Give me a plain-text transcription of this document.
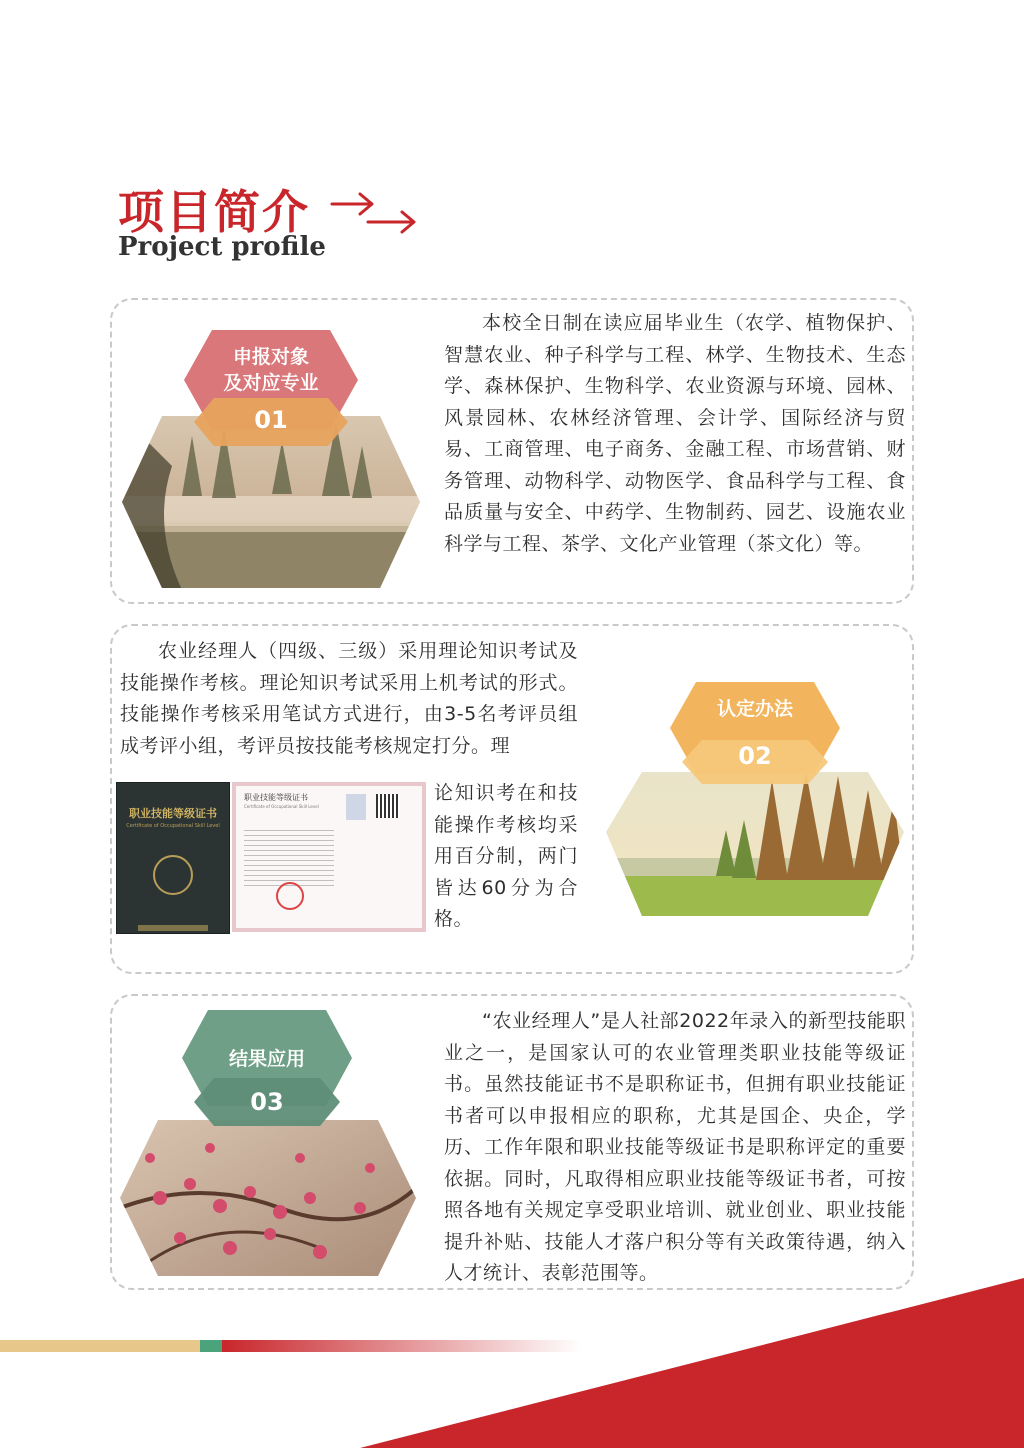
项目简介
Project profile
申报对象
及对应专业
01

本校全日制在读应届毕业生（农学、植物保护、智慧农业、种子科学与工程、林学、生物技术、生态学、森林保护、生物科学、农业资源与环境、园林、风景园林、农林经济管理、会计学、国际经济与贸易、工商管理、电子商务、金融工程、市场营销、财务管理、动物科学、动物医学、食品科学与工程、食品质量与安全、中药学、生物制药、园艺、设施农业科学与工程、茶学、文化产业管理（茶文化）等。

农业经理人（四级、三级）采用理论知识考试及技能操作考核。理论知识考试采用上机考试的形式。技能操作考核采用笔试方式进行，由3-5名考评员组成考评小组，考评员按技能考核规定打分。理

论知识考在和技能操作考核均采用百分制，两门皆达60分为合格。

职业技能等级证书
Certificate of Occupational Skill Level
职业技能等级证书
Certificate of Occupational Skill Level
认定办法
02
结果应用
03

“农业经理人”是人社部2022年录入的新型技能职业之一，是国家认可的农业管理类职业技能等级证书。虽然技能证书不是职称证书，但拥有职业技能证书者可以申报相应的职称，尤其是国企、央企，学历、工作年限和职业技能等级证书是职称评定的重要依据。同时，凡取得相应职业技能等级证书者，可按照各地有关规定享受职业培训、就业创业、职业技能提升补贴、技能人才落户积分等有关政策待遇，纳入人才统计、表彰范围等。
